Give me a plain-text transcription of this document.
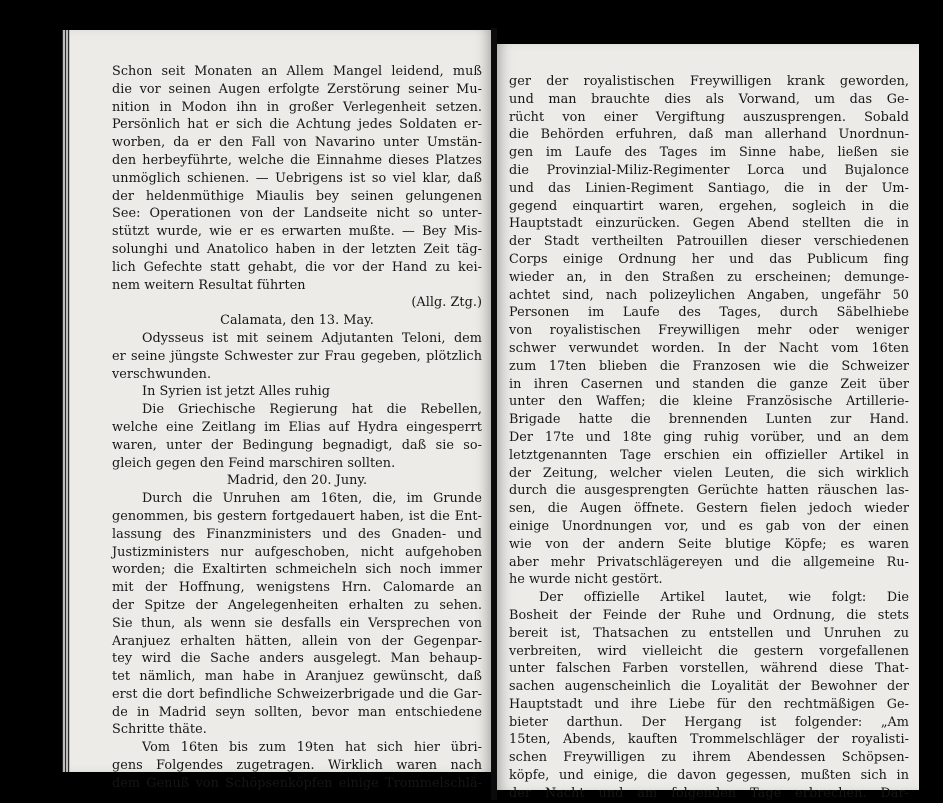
Schon seit Monaten an Allem Mangel leidend, muß
die vor seinen Augen erfolgte Zerstörung seiner Mu-
nition in Modon ihn in großer Verlegenheit setzen.
Persönlich hat er sich die Achtung jedes Soldaten er-
worben, da er den Fall von Navarino unter Umstän-
den herbeyführte, welche die Einnahme dieses Platzes
unmöglich schienen. — Uebrigens ist so viel klar, daß
der heldenmüthige Miaulis bey seinen gelungenen
See: Operationen von der Landseite nicht so unter-
stützt wurde, wie er es erwarten mußte. — Bey Mis-
solunghi und Anatolico haben in der letzten Zeit täg-
lich Gefechte statt gehabt, die vor der Hand zu kei-
nem weitern Resultat führten
(Allg. Ztg.)
Calamata, den 13. May.
Odysseus ist mit seinem Adjutanten Teloni, dem
er seine jüngste Schwester zur Frau gegeben, plötzlich
verschwunden.
In Syrien ist jetzt Alles ruhig
Die Griechische Regierung hat die Rebellen,
welche eine Zeitlang im Elias auf Hydra eingesperrt
waren, unter der Bedingung begnadigt, daß sie so-
gleich gegen den Feind marschiren sollten.
Madrid, den 20. Juny.
Durch die Unruhen am 16ten, die, im Grunde
genommen, bis gestern fortgedauert haben, ist die Ent-
lassung des Finanzministers und des Gnaden- und
Justizministers nur aufgeschoben, nicht aufgehoben
worden; die Exaltirten schmeicheln sich noch immer
mit der Hoffnung, wenigstens Hrn. Calomarde an
der Spitze der Angelegenheiten erhalten zu sehen.
Sie thun, als wenn sie desfalls ein Versprechen von
Aranjuez erhalten hätten, allein von der Gegenpar-
tey wird die Sache anders ausgelegt. Man behaup-
tet nämlich, man habe in Aranjuez gewünscht, daß
erst die dort befindliche Schweizerbrigade und die Gar-
de in Madrid seyn sollten, bevor man entschiedene
Schritte thäte.
Vom 16ten bis zum 19ten hat sich hier übri-
gens Folgendes zugetragen. Wirklich waren nach
dem Genuß von Schöpsenköpfen einige Trommelschlä-
ger der royalistischen Freywilligen krank geworden,
und man brauchte dies als Vorwand, um das Ge-
rücht von einer Vergiftung auszusprengen. Sobald
die Behörden erfuhren, daß man allerhand Unordnun-
gen im Laufe des Tages im Sinne habe, ließen sie
die Provinzial-Miliz-Regimenter Lorca und Bujalonce
und das Linien-Regiment Santiago, die in der Um-
gegend einquartirt waren, ergehen, sogleich in die
Hauptstadt einzurücken. Gegen Abend stellten die in
der Stadt vertheilten Patrouillen dieser verschiedenen
Corps einige Ordnung her und das Publicum fing
wieder an, in den Straßen zu erscheinen; demunge-
achtet sind, nach polizeylichen Angaben, ungefähr 50
Personen im Laufe des Tages, durch Säbelhiebe
von royalistischen Freywilligen mehr oder weniger
schwer verwundet worden. In der Nacht vom 16ten
zum 17ten blieben die Franzosen wie die Schweizer
in ihren Casernen und standen die ganze Zeit über
unter den Waffen; die kleine Französische Artillerie-
Brigade hatte die brennenden Lunten zur Hand.
Der 17te und 18te ging ruhig vorüber, und an dem
letztgenannten Tage erschien ein offizieller Artikel in
der Zeitung, welcher vielen Leuten, die sich wirklich
durch die ausgesprengten Gerüchte hatten räuschen las-
sen, die Augen öffnete. Gestern fielen jedoch wieder
einige Unordnungen vor, und es gab von der einen
wie von der andern Seite blutige Köpfe; es waren
aber mehr Privatschlägereyen und die allgemeine Ru-
he wurde nicht gestört.
Der offizielle Artikel lautet, wie folgt: Die
Bosheit der Feinde der Ruhe und Ordnung, die stets
bereit ist, Thatsachen zu entstellen und Unruhen zu
verbreiten, wird vielleicht die gestern vorgefallenen
unter falschen Farben vorstellen, während diese That-
sachen augenscheinlich die Loyalität der Bewohner der
Hauptstadt und ihre Liebe für den rechtmäßigen Ge-
bieter darthun. Der Hergang ist folgender: „Am
15ten, Abends, kauften Trommelschläger der royalisti-
schen Freywilligen zu ihrem Abendessen Schöpsen-
köpfe, und einige, die davon gegessen, mußten sich in
der Nacht und am folgenden Tage erbrechen. Dar-
